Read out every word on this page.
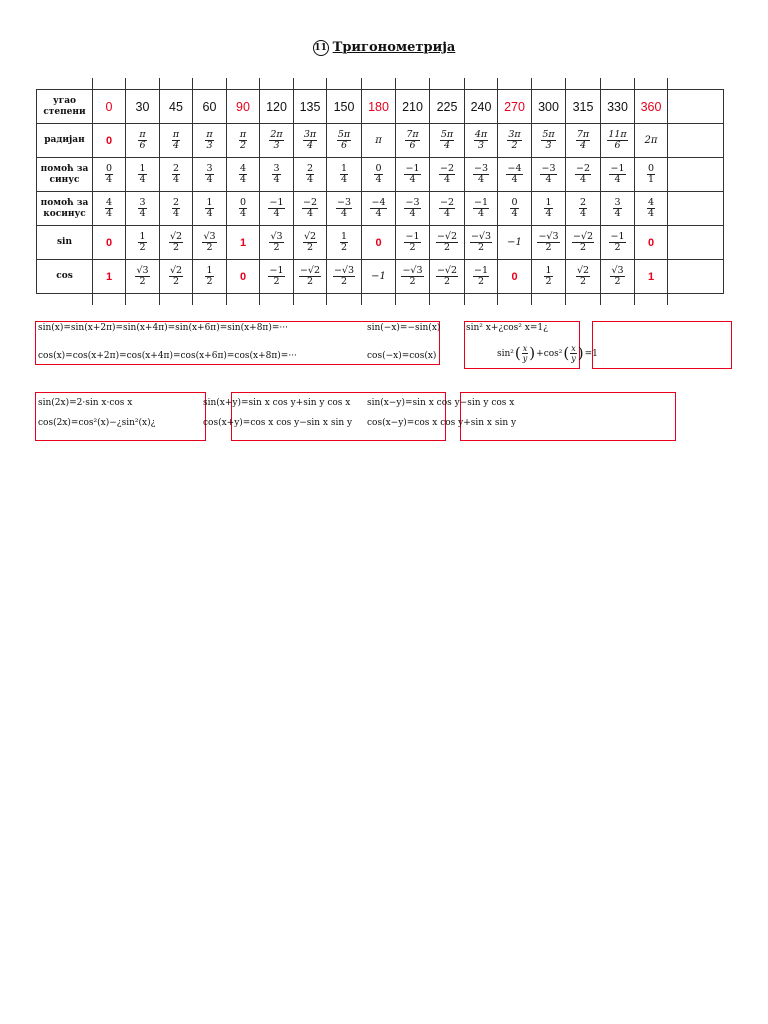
11 Тригонометрија

угао
степени	0	30	45	60	90	120	135	150	180	210	225	240	270	300	315	330	360	
радијан	0	$\frac{\pi}{6}$	$\frac{\pi}{4}$	$\frac{\pi}{3}$	$\frac{\pi}{2}$	$\frac{2\pi}{3}$	$\frac{3\pi}{4}$	$\frac{5\pi}{6}$	π	$\frac{7\pi}{6}$	$\frac{5\pi}{4}$	$\frac{4\pi}{3}$	$\frac{3\pi}{2}$	$\frac{5\pi}{3}$	$\frac{7\pi}{4}$	$\frac{11\pi}{6}$	2π	
помоћ за
синус	$\frac{0}{4}$	$\frac{1}{4}$	$\frac{2}{4}$	$\frac{3}{4}$	$\frac{4}{4}$	$\frac{3}{4}$	$\frac{2}{4}$	$\frac{1}{4}$	$\frac{0}{4}$	$\frac{-1}{4}$	$\frac{-2}{4}$	$\frac{-3}{4}$	$\frac{-4}{4}$	$\frac{-3}{4}$	$\frac{-2}{4}$	$\frac{-1}{4}$	$\frac{0}{1}$

помоћ за
косинус	$\frac{4}{4}$	$\frac{3}{4}$	$\frac{2}{4}$	$\frac{1}{4}$	$\frac{0}{4}$	$\frac{-1}{4}$	$\frac{-2}{4}$	$\frac{-3}{4}$	$\frac{-4}{4}$	$\frac{-3}{4}$	$\frac{-2}{4}$	$\frac{-1}{4}$	$\frac{0}{4}$	$\frac{1}{4}$	$\frac{2}{4}$	$\frac{3}{4}$	$\frac{4}{4}$

sin	0	$\frac{1}{2}$	$\frac{√2}{2}$	$\frac{√3}{2}$	1	$\frac{√3}{2}$	$\frac{√2}{2}$	$\frac{1}{2}$	0	$\frac{-1}{2}$	$\frac{-√2}{2}$	$\frac{-√3}{2}$	−1	$\frac{-√3}{2}$	$\frac{-√2}{2}$	$\frac{-1}{2}$	0	
cos	1	$\frac{√3}{2}$	$\frac{√2}{2}$	$\frac{1}{2}$	0	$\frac{-1}{2}$	$\frac{-√2}{2}$	$\frac{-√3}{2}$	−1	$\frac{-√3}{2}$	$\frac{-√2}{2}$	$\frac{-1}{2}$	0	$\frac{1}{2}$	$\frac{√2}{2}$	$\frac{√3}{2}$	1	

sin(x)=sin(x+2π)=sin(x+4π)=sin(x+6π)=sin(x+8π)=···
cos(x)=cos(x+2π)=cos(x+4π)=cos(x+6π)=cos(x+8π)=···
sin(−x)=−sin(x)
cos(−x)=cos(x)
sin² x+¿cos² x=1¿
sin² ( $\frac{x}{y}$ ) +cos² ( $\frac{x}{y}$ ) =1
sin(2x)=2·sin x·cos x
cos(2x)=cos²(x)−¿sin²(x)¿
sin(x+y)=sin x cos y+sin y cos x
cos(x+y)=cos x cos y−sin x sin y
sin(x−y)=sin x cos y−sin y cos x
cos(x−y)=cos x cos y+sin x sin y
